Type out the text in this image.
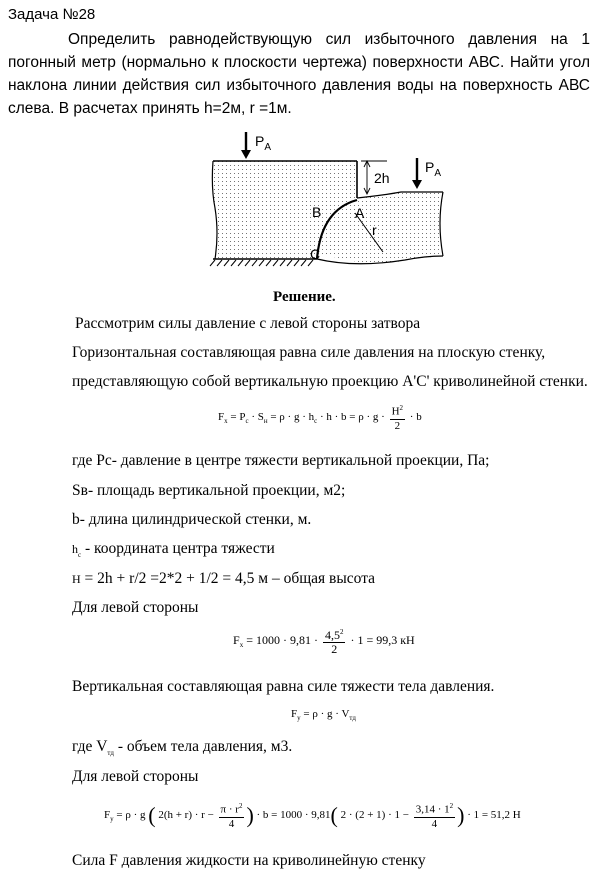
Задача №28
Определить равнодействующую сил избыточного давления на 1 погонный метр (нормально к плоскости чертежа) поверхности АВС. Найти угол наклона линии действия сил избыточного давления воды на поверхность АВС слева. В расчетах принять h=2м, r =1м.
$P_A$
$P_A$
2h
B A
r
C
Решение.
Рассмотрим силы давление с левой стороны затвора
Горизонтальная составляющая равна силе давления на плоскую стенку,
представляющую собой вертикальную проекцию А'С' криволинейной стенки.
$F_x = P_c \cdot S_н = \rho \cdot g \cdot h_c \cdot h \cdot b = \rho \cdot g \cdot \frac{H^2}{2} \cdot b$
где Рс- давление в центре тяжести вертикальной проекции, Па;
Sв- площадь вертикальной проекции, м2;
b- длина цилиндрической стенки, м.
$h_c$ - координата центра тяжести
H = 2h + r/2 =2*2 + 1/2 = 4,5 м – общая высота
Для левой стороны
$F_x = 1000 \cdot 9,81 \cdot \frac{4,5^2}{2} \cdot 1 = 99,3$ кН
Вертикальная составляющая равна силе тяжести тела давления.
$F_y = \rho \cdot g \cdot V_{тд}$
где $V_{тд}$ - объем тела давления, м3.
Для левой стороны
$F_y = \rho \cdot g$ ( $2(h + r) \cdot r - \frac{\pi \cdot r^2}{4}$ ) · b = 1000 · 9,81( $2 \cdot (2 + 1) \cdot 1 - \frac{3,14 \cdot 1^2}{4}$ ) · 1 = 51,2 Н
Сила F давления жидкости на криволинейную стенку
